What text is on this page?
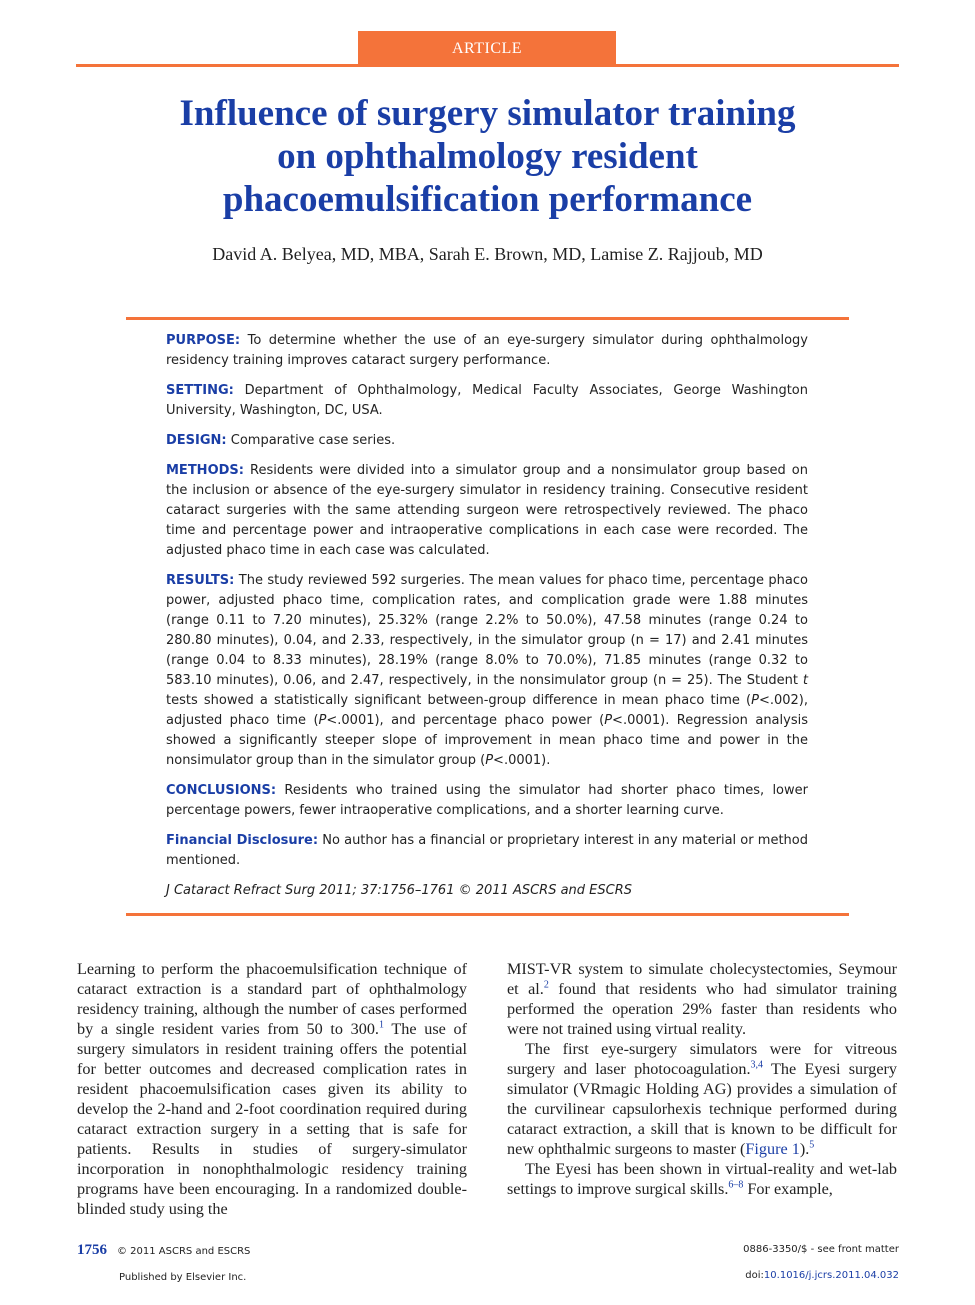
ARTICLE
Influence of surgery simulator training
on ophthalmology resident
phacoemulsification performance
David A. Belyea, MD, MBA, Sarah E. Brown, MD, Lamise Z. Rajjoub, MD

PURPOSE: To determine whether the use of an eye-surgery simulator during ophthalmology residency training improves cataract surgery performance.

SETTING: Department of Ophthalmology, Medical Faculty Associates, George Washington University, Washington, DC, USA.

DESIGN: Comparative case series.

METHODS: Residents were divided into a simulator group and a nonsimulator group based on the inclusion or absence of the eye-surgery simulator in residency training. Consecutive resident cataract surgeries with the same attending surgeon were retrospectively reviewed. The phaco time and percentage power and intraoperative complications in each case were recorded. The adjusted phaco time in each case was calculated.

RESULTS: The study reviewed 592 surgeries. The mean values for phaco time, percentage phaco power, adjusted phaco time, complication rates, and complication grade were 1.88 minutes (range 0.11 to 7.20 minutes), 25.32% (range 2.2% to 50.0%), 47.58 minutes (range 0.24 to 280.80 minutes), 0.04, and 2.33, respectively, in the simulator group (n = 17) and 2.41 minutes (range 0.04 to 8.33 minutes), 28.19% (range 8.0% to 70.0%), 71.85 minutes (range 0.32 to 583.10 minutes), 0.06, and 2.47, respectively, in the nonsimulator group (n = 25). The Student t tests showed a statistically significant between-group difference in mean phaco time (P<.002), adjusted phaco time (P<.0001), and percentage phaco power (P<.0001). Regression analysis showed a significantly steeper slope of improvement in mean phaco time and power in the nonsimulator group than in the simulator group (P<.0001).

CONCLUSIONS: Residents who trained using the simulator had shorter phaco times, lower percentage powers, fewer intraoperative complications, and a shorter learning curve.

Financial Disclosure: No author has a financial or proprietary interest in any material or method mentioned.

J Cataract Refract Surg 2011; 37:1756–1761 © 2011 ASCRS and ESCRS

Learning to perform the phacoemulsification technique of cataract extraction is a standard part of ophthalmology residency training, although the number of cases performed by a single resident varies from 50 to 300.$^1$ The use of surgery simulators in resident training offers the potential for better outcomes and decreased complication rates in resident phacoemulsification cases given its ability to develop the 2-hand and 2-foot coordination required during cataract extraction surgery in a setting that is safe for patients. Results in studies of surgery-simulator incorporation in nonophthalmologic residency training programs have been encouraging. In a randomized double-blinded study using the

MIST-VR system to simulate cholecystectomies, Seymour et al.$^2$ found that residents who had simulator training performed the operation 29% faster than residents who were not trained using virtual reality.

The first eye-surgery simulators were for vitreous surgery and laser photocoagulation.$^{3,4}$ The Eyesi surgery simulator (VRmagic Holding AG) provides a simulation of the curvilinear capsulorhexis technique performed during cataract extraction, a skill that is known to be difficult for new ophthalmic surgeons to master (Figure 1).$^5$

The Eyesi has been shown in virtual-reality and wet-lab settings to improve surgical skills.$^{6-8}$ For example,

1756 © 2011 ASCRS and ESCRS
Published by Elsevier Inc.
0886-3350/$ - see front matter
doi:10.1016/j.jcrs.2011.04.032
